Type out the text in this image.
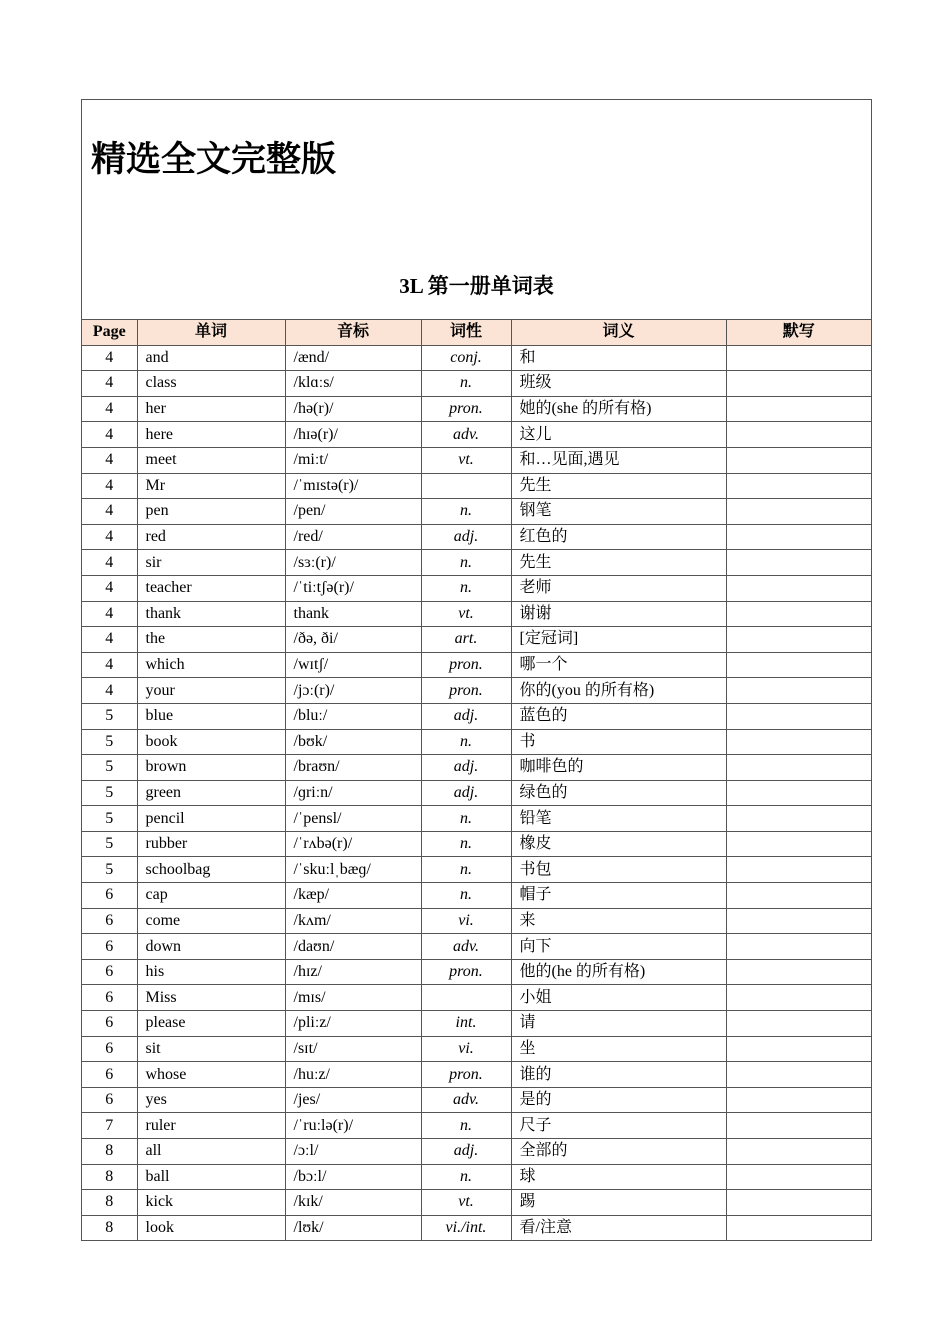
精选全文完整版
3L 第一册单词表
Page	单词	音标	词性	词义	默写
4	and	/ænd/	conj.	和	
4	class	/klɑːs/	n.	班级	
4	her	/hə(r)/	pron.	她的(she 的所有格)	
4	here	/hɪə(r)/	adv.	这儿	
4	meet	/miːt/	vt.	和…见面,遇见	
4	Mr	/ˈmɪstə(r)/		先生	
4	pen	/pen/	n.	钢笔	
4	red	/red/	adj.	红色的	
4	sir	/sɜː(r)/	n.	先生	
4	teacher	/ˈtiːtʃə(r)/	n.	老师	
4	thank	thank	vt.	谢谢	
4	the	/ðə, ði/	art.	[定冠词]	
4	which	/wɪtʃ/	pron.	哪一个	
4	your	/jɔː(r)/	pron.	你的(you 的所有格)	
5	blue	/bluː/	adj.	蓝色的	
5	book	/bʊk/	n.	书	
5	brown	/braʊn/	adj.	咖啡色的	
5	green	/ɡriːn/	adj.	绿色的	
5	pencil	/ˈpensl/	n.	铅笔	
5	rubber	/ˈrʌbə(r)/	n.	橡皮	
5	schoolbag	/ˈskuːlˌbæɡ/	n.	书包	
6	cap	/kæp/	n.	帽子	
6	come	/kʌm/	vi.	来	
6	down	/daʊn/	adv.	向下	
6	his	/hɪz/	pron.	他的(he 的所有格)	
6	Miss	/mɪs/		小姐	
6	please	/pliːz/	int.	请	
6	sit	/sɪt/	vi.	坐	
6	whose	/huːz/	pron.	谁的	
6	yes	/jes/	adv.	是的	
7	ruler	/ˈruːlə(r)/	n.	尺子	
8	all	/ɔːl/	adj.	全部的	
8	ball	/bɔːl/	n.	球	
8	kick	/kɪk/	vt.	踢	
8	look	/lʊk/	vi./int.	看/注意	
